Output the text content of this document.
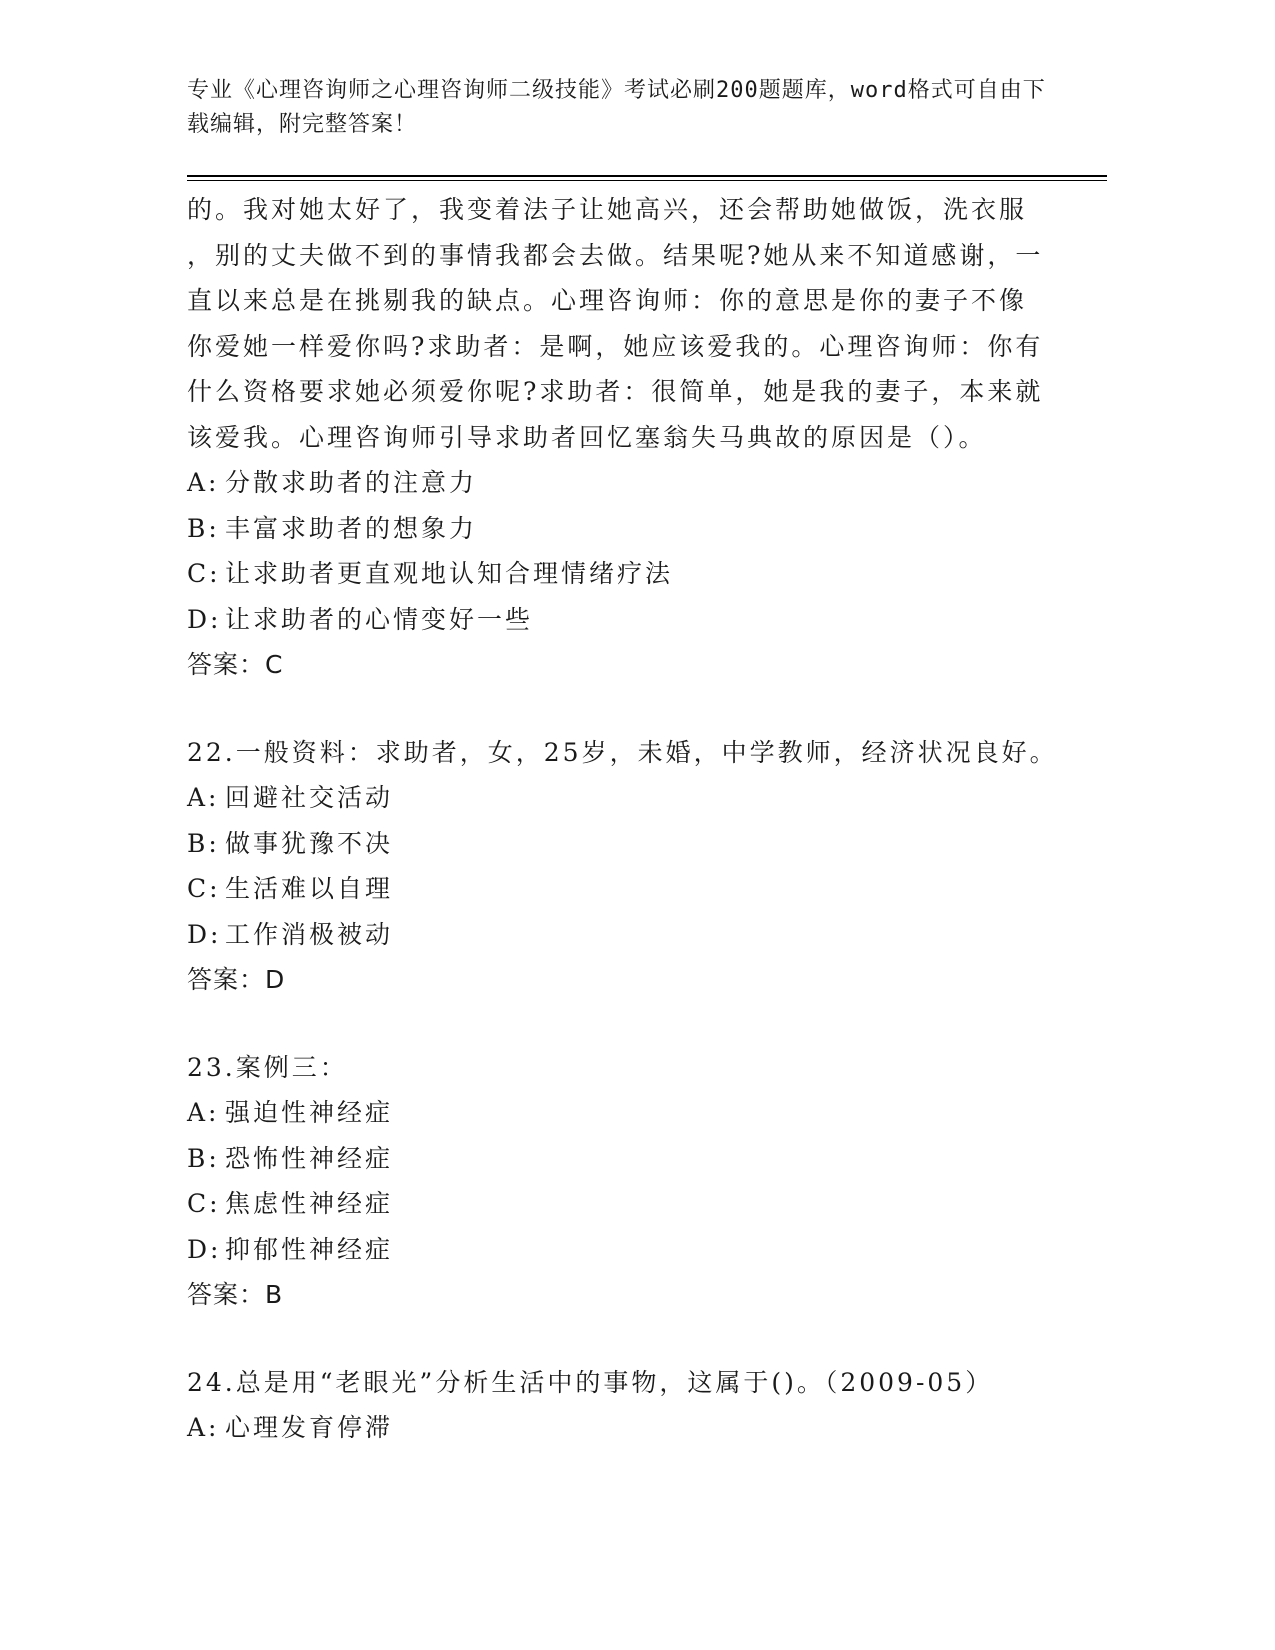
专业《心理咨询师之心理咨询师二级技能》考试必刷200题题库，word格式可自由下载编辑，附完整答案！
的。我对她太好了，我变着法子让她高兴，还会帮助她做饭，洗衣服
，别的丈夫做不到的事情我都会去做。结果呢?她从来不知道感谢，一
直以来总是在挑剔我的缺点。心理咨询师：你的意思是你的妻子不像
你爱她一样爱你吗?求助者：是啊，她应该爱我的。心理咨询师：你有
什么资格要求她必须爱你呢?求助者：很简单，她是我的妻子，本来就
该爱我。心理咨询师引导求助者回忆塞翁失马典故的原因是（）。
A: 分散求助者的注意力
B: 丰富求助者的想象力
C: 让求助者更直观地认知合理情绪疗法
D: 让求助者的心情变好一些
答案：C
22.一般资料：求助者，女，25岁，未婚，中学教师，经济状况良好。
A: 回避社交活动
B: 做事犹豫不决
C: 生活难以自理
D: 工作消极被动
答案：D
23.案例三：
A: 强迫性神经症
B: 恐怖性神经症
C: 焦虑性神经症
D: 抑郁性神经症
答案：B
24.总是用“老眼光”分析生活中的事物，这属于()。（2009-05）
A: 心理发育停滞
